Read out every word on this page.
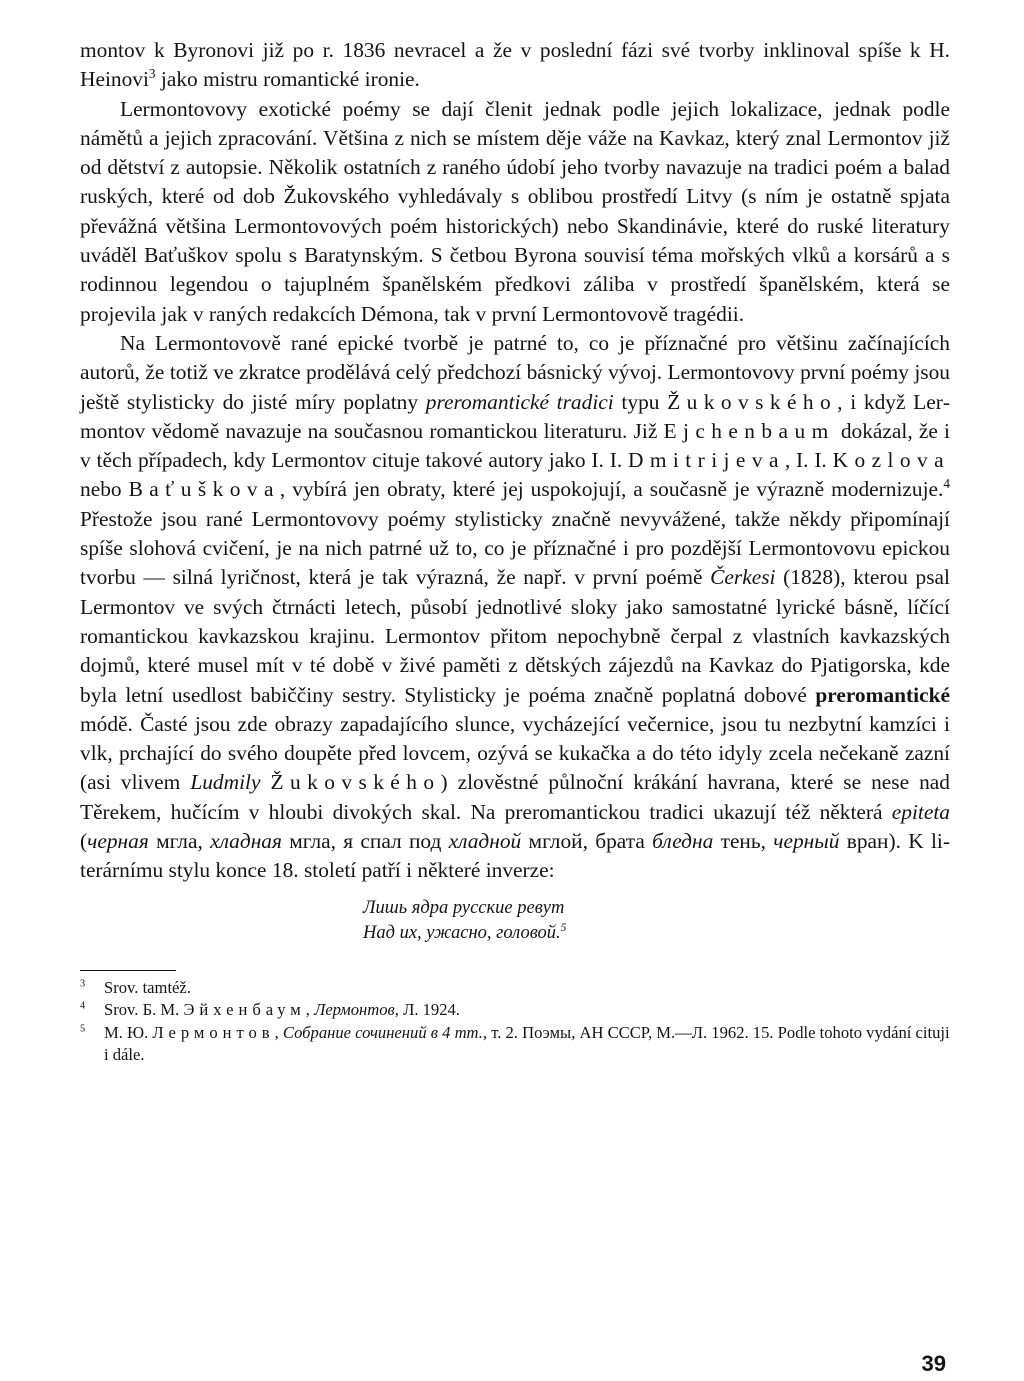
montov k Byronovi již po r. 1836 nevracel a že v poslední fázi své tvorby inklinoval spíše k H. Heinovi$^3$ jako mistru romantické ironie.

Lermontovovy exotické poémy se dají členit jednak podle jejich lokalizace, jednak podle námětů a jejich zpracování. Většina z nich se místem děje váže na Kavkaz, který znal Lermontov již od dětství z autopsie. Několik ostatních z raného údobí jeho tvorby navazuje na tradici poém a balad ruských, které od dob Žukovského vyhledávaly s oblibou prostředí Litvy (s ním je ostatně spjata převážná většina Lermontovových poém historických) nebo Skandinávie, které do ruské literatury uváděl Baťuškov spolu s Baratynským. S četbou Byrona souvisí téma mořských vlků a korsárů a s rodinnou legendou o tajuplném španělském předkovi záliba v prostředí španělském, která se projevila jak v raných redakcích Démona, tak v první Lermontovově tragédii.

Na Lermontovově rané epické tvorbě je patrné to, co je příznačné pro většinu začínajících autorů, že totiž ve zkratce prodělává celý předchozí básnický vývoj. Lermontovovy první poémy jsou ještě stylisticky do jisté míry poplatny preromantické tradici typu Žukovského, i když Lermontov vědomě navazuje na současnou romantickou literaturu. Již Ejchenbaum dokázal, že i v těch případech, kdy Lermontov cituje takové autory jako I. I. Dmitrijeva, I. I. Kozlova nebo Baťuškova, vybírá jen obraty, které jej uspokojují, a současně je výrazně modernizuje.$^4$ Přestože jsou rané Lermontovovy poémy stylisticky značně nevyvážené, takže někdy připomínají spíše slohová cvičení, je na nich patrné už to, co je příznačné i pro pozdější Lermontovovu epickou tvorbu — silná lyričnost, která je tak výrazná, že např. v první poémě Čerkesi (1828), kterou psal Lermontov ve svých čtrnácti letech, působí jednotlivé sloky jako samostatné lyrické básně, líčící romantickou kavkazskou krajinu. Lermontov přitom nepochybně čerpal z vlastních kavkazských dojmů, které musel mít v té době v živé paměti z dětských zájezdů na Kavkaz do Pjatigorska, kde byla letní usedlost babiččiny sestry. Stylisticky je poéma značně poplatná dobové preromantické módě. Časté jsou zde obrazy zapadajícího slunce, vycházející večernice, jsou tu nezbytní kamzíci i vlk, prchající do svého doupěte před lovcem, ozývá se kukačka a do této idyly zcela nečekaně zazní (asi vlivem Ludmily Žukovského) zlověstné půlnoční krákání havrana, které se nese nad Těrekem, hučícím v hloubi divokých skal. Na preromantickou tradici ukazují též některá epiteta (черная мгла, хладная мгла, я спал под хладной мглой, брата бледна тень, черный вран). K literárnímu stylu konce 18. století patří i některé inverze:

Лишь ядра русские ревут
Над их, ужасно, головой.$^5$

$^3$ Srov. tamtéž.

$^4$ Srov. Б. М. Эйхенбаум, Лермонтов, Л. 1924.

$^5$ М. Ю. Лермонтов, Собрание сочинений в 4 тт., т. 2. Поэмы, АН СССР, М.—Л. 1962. 15. Podle tohoto vydání cituji i dále.

39
